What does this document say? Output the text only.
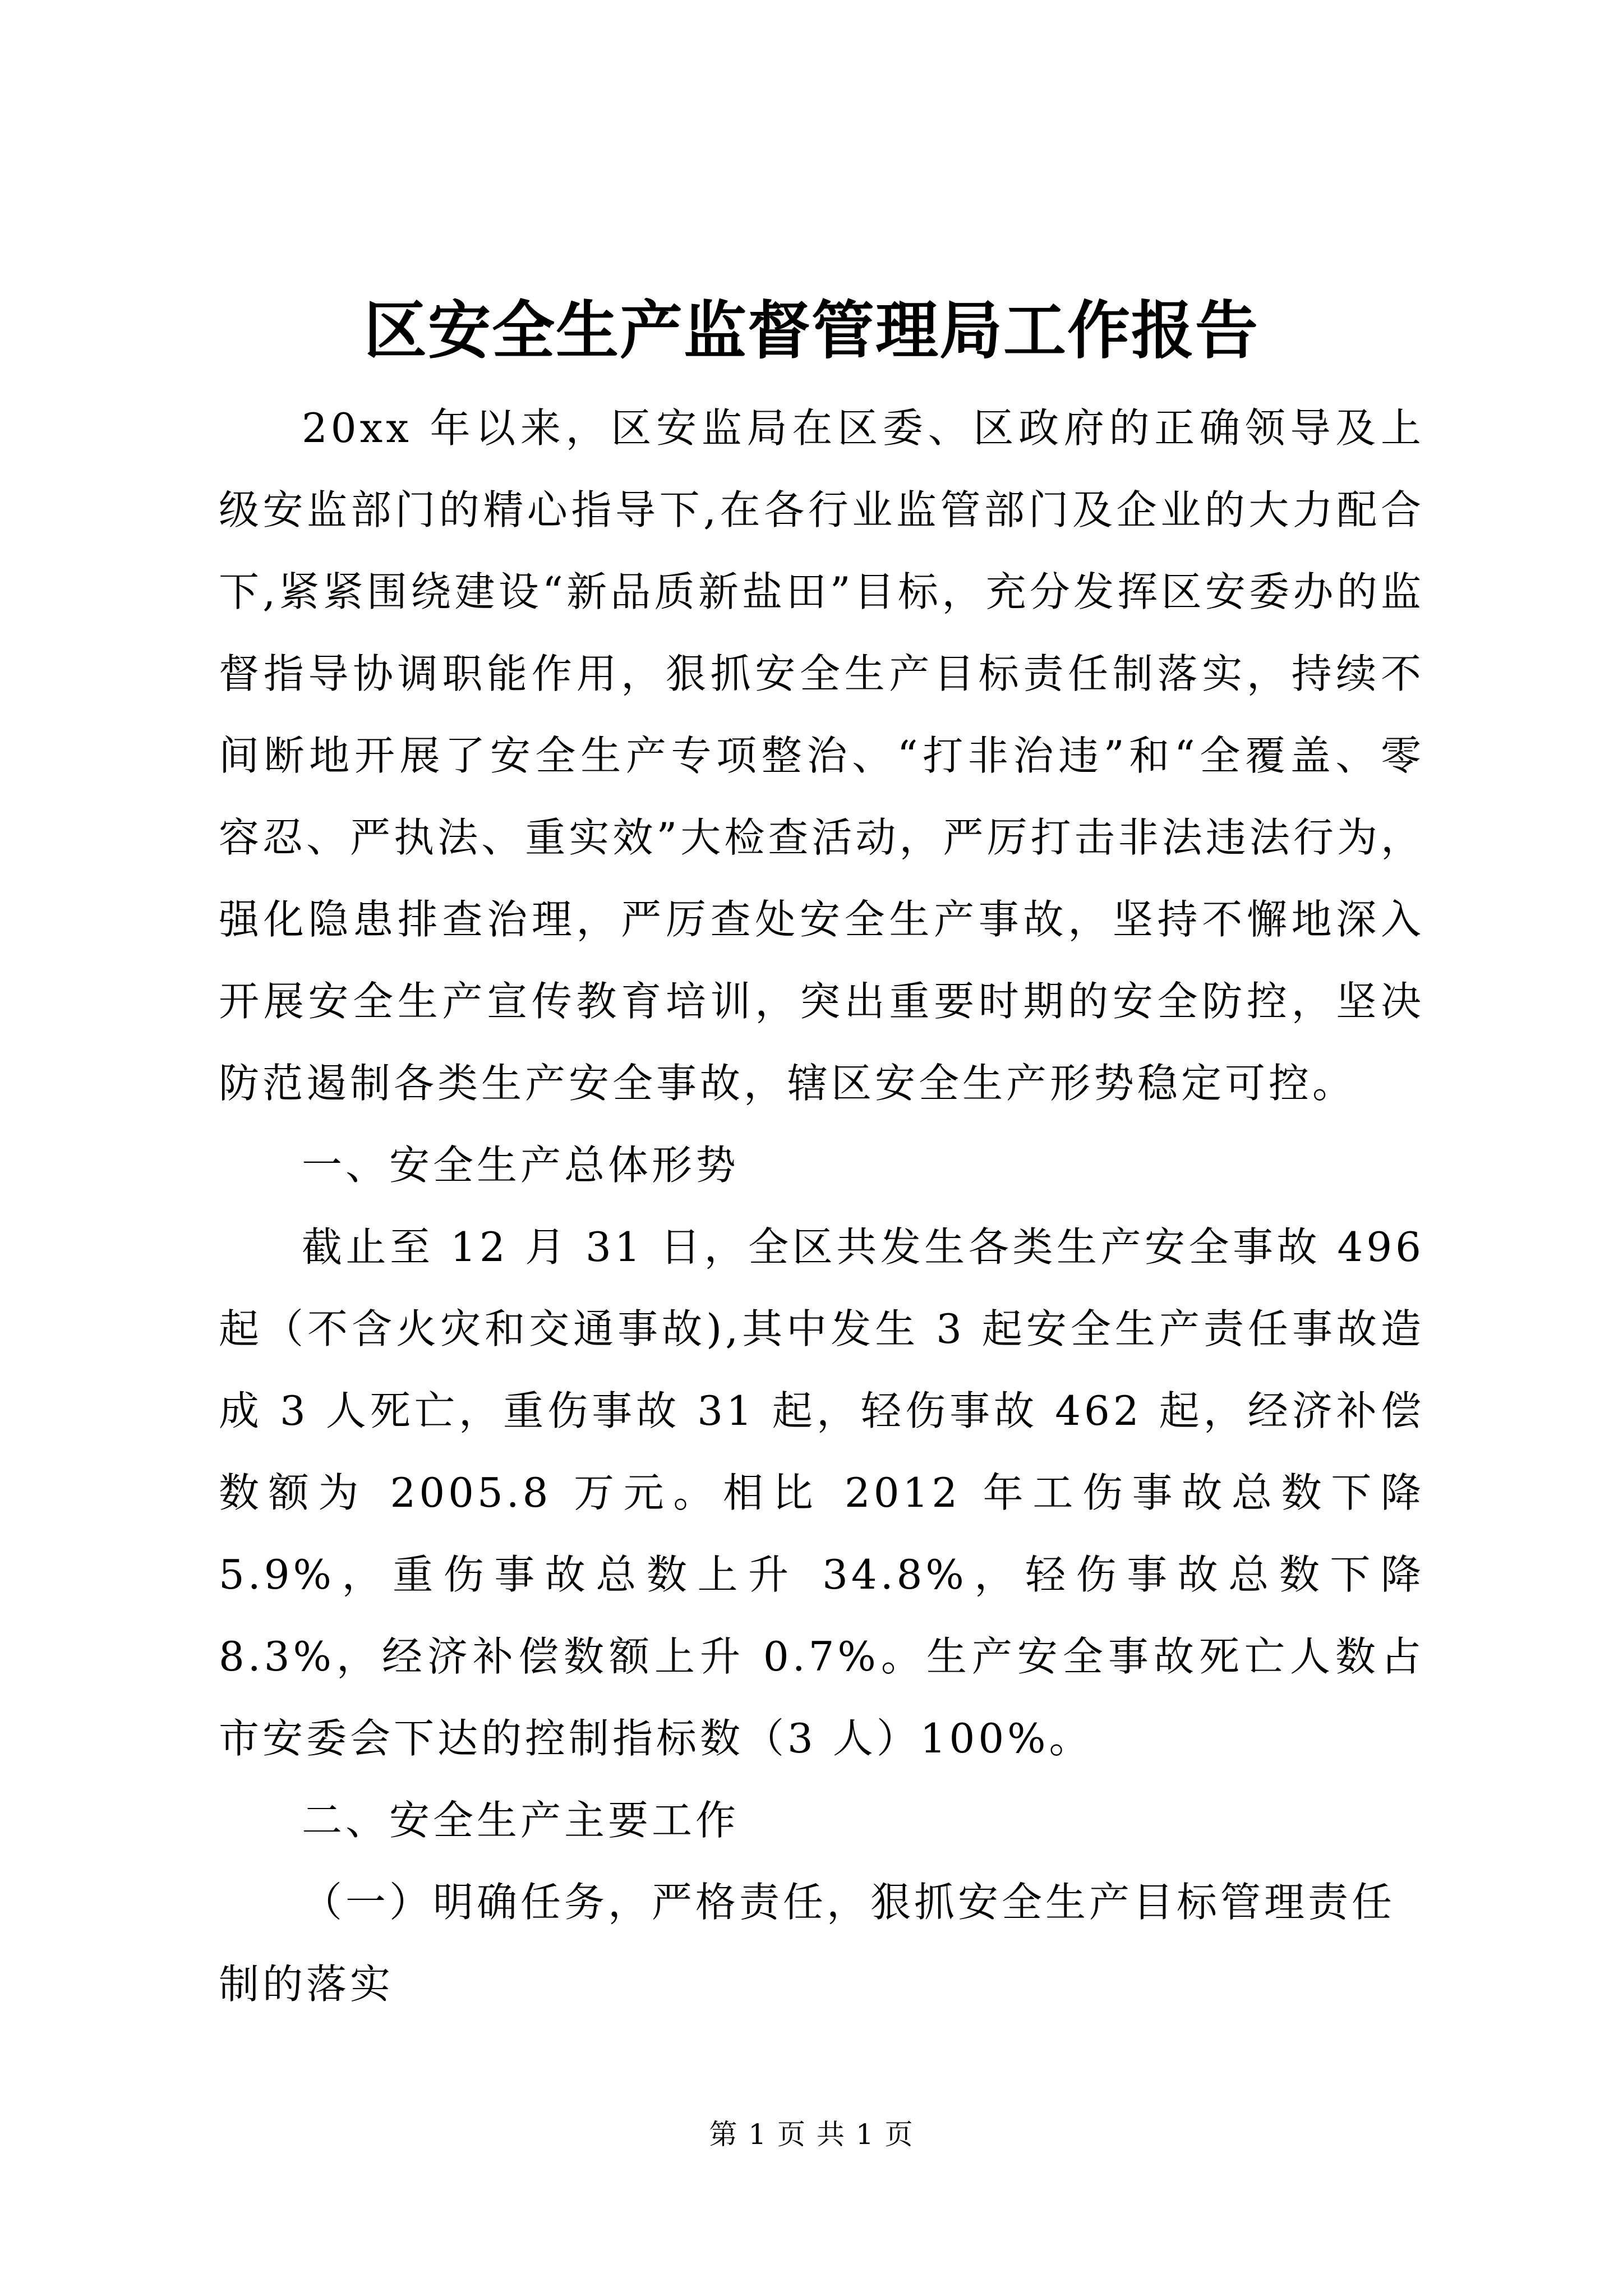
区安全生产监督管理局工作报告

20xx 年以来，区安监局在区委、区政府的正确领导及上级安监部门的精心指导下,在各行业监管部门及企业的大力配合下,紧紧围绕建设“新品质新盐田”目标，充分发挥区安委办的监督指导协调职能作用，狠抓安全生产目标责任制落实，持续不间断地开展了安全生产专项整治、“打非治违”和“全覆盖、零容忍、严执法、重实效”大检查活动，严厉打击非法违法行为，强化隐患排查治理，严厉查处安全生产事故，坚持不懈地深入开展安全生产宣传教育培训，突出重要时期的安全防控，坚决防范遏制各类生产安全事故，辖区安全生产形势稳定可控。

一、安全生产总体形势

截止至 12 月 31 日，全区共发生各类生产安全事故 496 起（不含火灾和交通事故),其中发生 3 起安全生产责任事故造成 3 人死亡，重伤事故 31 起，轻伤事故 462 起，经济补偿数额为 2005.8 万元。相比 2012 年工伤事故总数下降 5.9%，重伤事故总数上升 34.8%，轻伤事故总数下降 8.3%，经济补偿数额上升 0.7%。生产安全事故死亡人数占市安委会下达的控制指标数（3 人）100%。

二、安全生产主要工作

（一）明确任务，严格责任，狠抓安全生产目标管理责任制的落实

第 1 页 共 1 页
